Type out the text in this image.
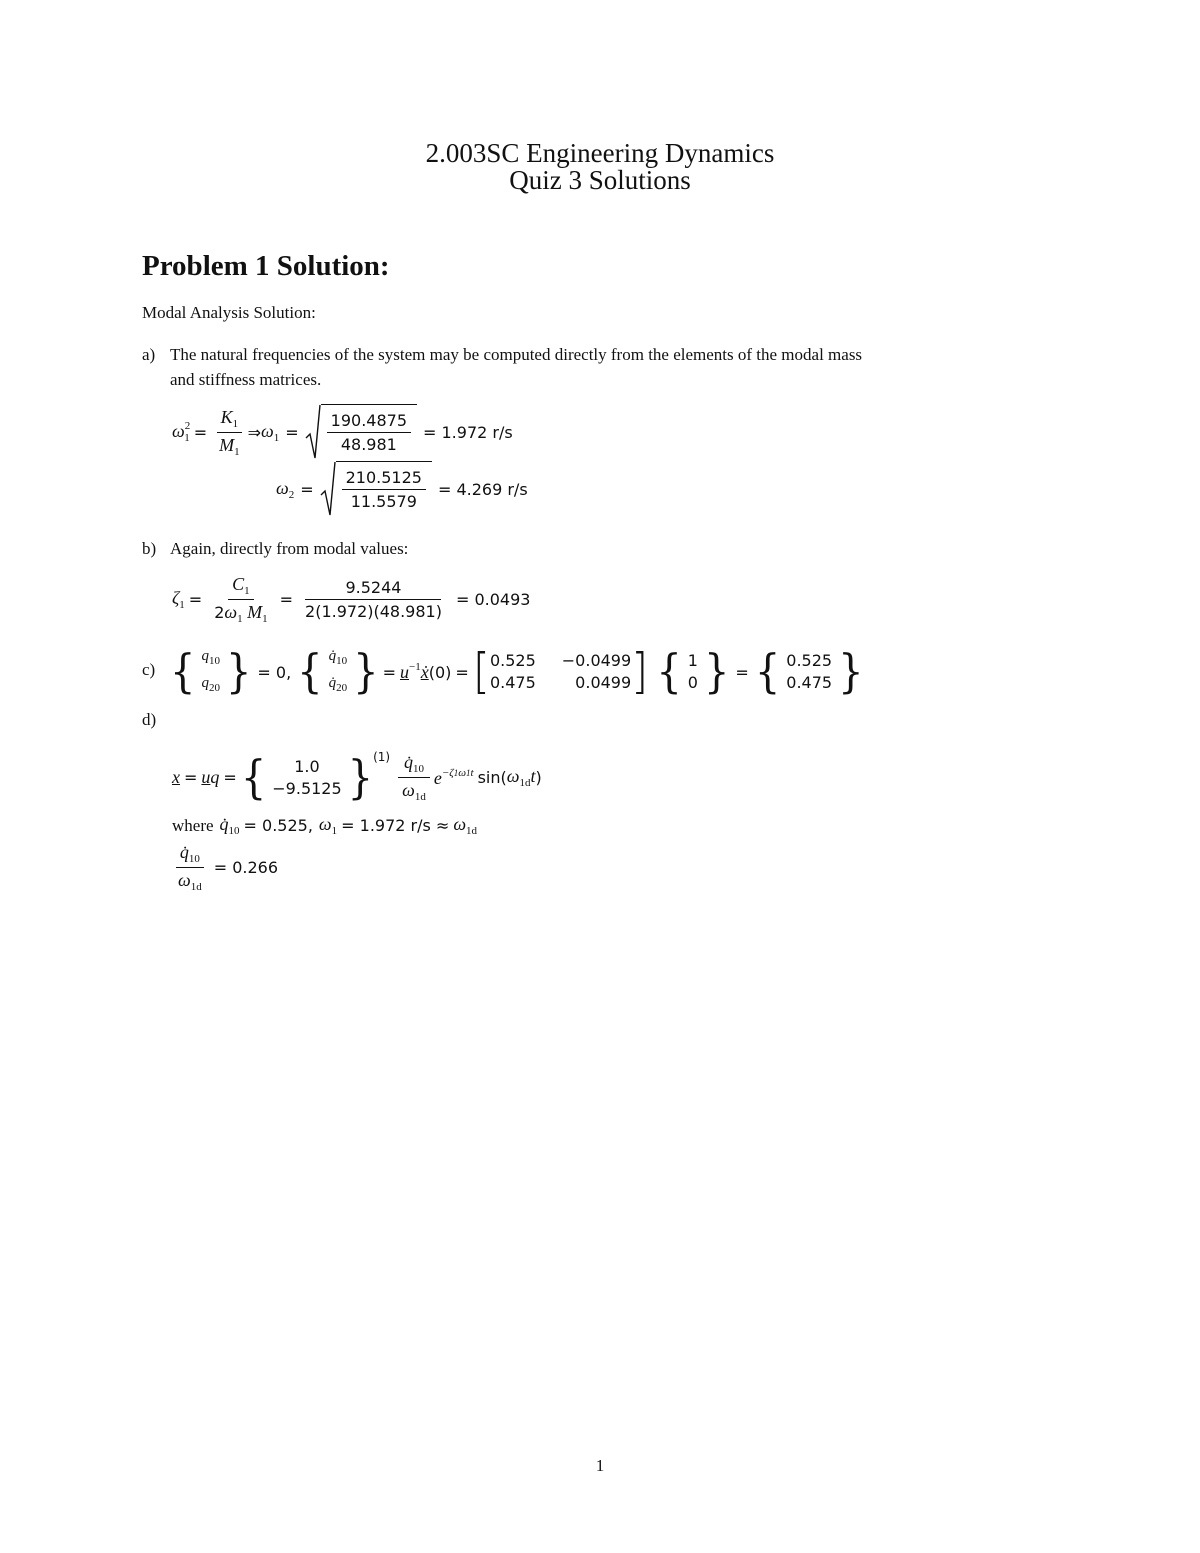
2.003SC Engineering Dynamics
Quiz 3 Solutions
Problem 1 Solution:
Modal Analysis Solution:
a) The natural frequencies of the system may be computed directly from the elements of the modal mass
and stiffness matrices.
$\omega^2_1 = \frac{K_1}{M_1}$ ⇒ $\omega_1 = \frac{190.4875}{48.981} = 1.972$ r/s
$\omega_2 = \frac{210.5125}{11.5579} = 4.269$ r/s
b) Again, directly from modal values:
$\zeta_1 = \frac{C_1}{2\omega_1 M_1} = \frac{9.5244}{2(1.972)(48.981)} = 0.0493$
c) { $q_{10}$
$q_{20}$ } = 0, { $q̇_{10}$
$q̇_{20}$ } = $u^{-1}ẋ$ (0) = [ 0.525 −0.0499
0.475	0.0499 ] { 1
0 } = { 0.525
0.475 }
d)
x = uq = { 1.0
−9.5125 } $(1) \frac{q̇_{10}}{\omega_{1d}} e^{-\zeta 1\omega 1t}$ sin( $\omega_{1d}t$ )
where $q̇_{10} = 0.525$, $\omega_1 = 1.972$ $r/s \approx \omega_{1d}$
$\frac{q̇_{10}}{\omega_{1d}} = 0.266$
1
